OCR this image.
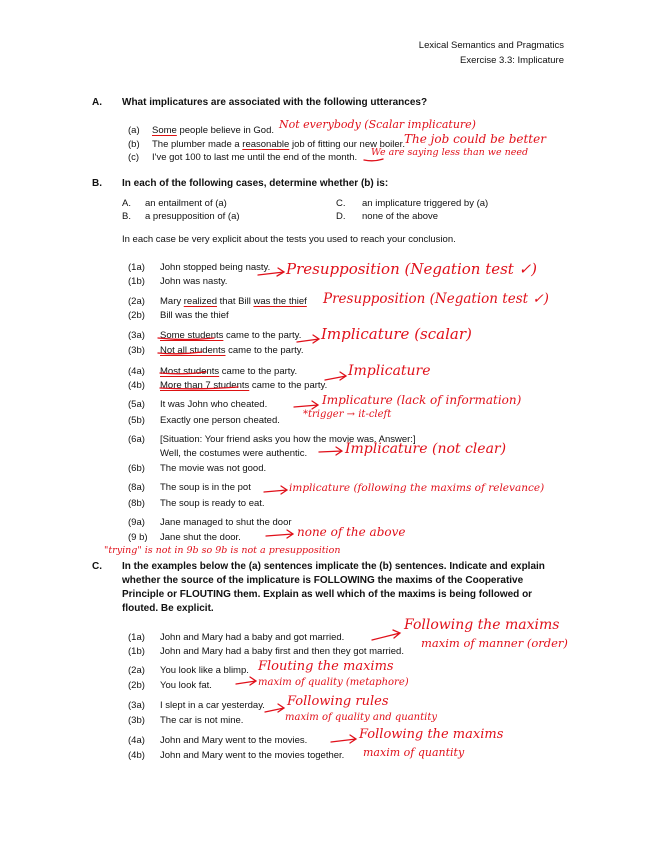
Lexical Semantics and Pragmatics
Exercise 3.3: Implicature
A. What implicatures are associated with the following utterances?
(a) Some people believe in God. Not everybody (Scalar implicature)
(b) The plumber made a reasonable job of fitting our new boiler. The job could be better
(c) I've got 100 to last me until the end of the month. We are saying less than we need
B. In each of the following cases, determine whether (b) is:
A. an entailment of (a)
B. a presupposition of (a)
C. an implicature triggered by (a)
D. none of the above
In each case be very explicit about the tests you used to reach your conclusion.
(1a) John stopped being nasty.
(1b) John was nasty.
Presupposition (Negation test ✓)
(2a) Mary realized that Bill was the thief
(2b) Bill was the thief
Presupposition (Negation test ✓)
(3a) Some students came to the party.
(3b) Not all students came to the party.
Implicature (scalar)
(4a) Most students came to the party.
(4b) More than 7 students came to the party.
Implicature
(5a) It was John who cheated.
(5b) Exactly one person cheated.
Implicature (lack of information)
*trigger → it-cleft
(6a) [Situation: Your friend asks you how the movie was. Answer:]
Well, the costumes were authentic.
(6b) The movie was not good.
Implicature (not clear)
(8a) The soup is in the pot
(8b) The soup is ready to eat.
implicature (following the maxims of relevance)
(9a) Jane managed to shut the door
(9 b) Jane shut the door.	none of the above
"trying" is not in 9b so 9b is not a presupposition
C. In the examples below the (a) sentences implicate the (b) sentences. Indicate and explain
whether the source of the implicature is FOLLOWING the maxims of the Cooperative
Principle or FLOUTING them. Explain as well which of the maxims is being followed or
flouted. Be explicit.
(1a) John and Mary had a baby and got married.
(1b) John and Mary had a baby first and then they got married.
Following the maxims
maxim of manner (order)
(2a) You look like a blimp.
(2b) You look fat.
Flouting the maxims
maxim of quality (metaphore)
(3a) I slept in a car yesterday.
(3b) The car is not mine.
Following rules
maxim of quality and quantity
(4a) John and Mary went to the movies.
(4b) John and Mary went to the movies together.
Following the maxims
maxim of quantity
